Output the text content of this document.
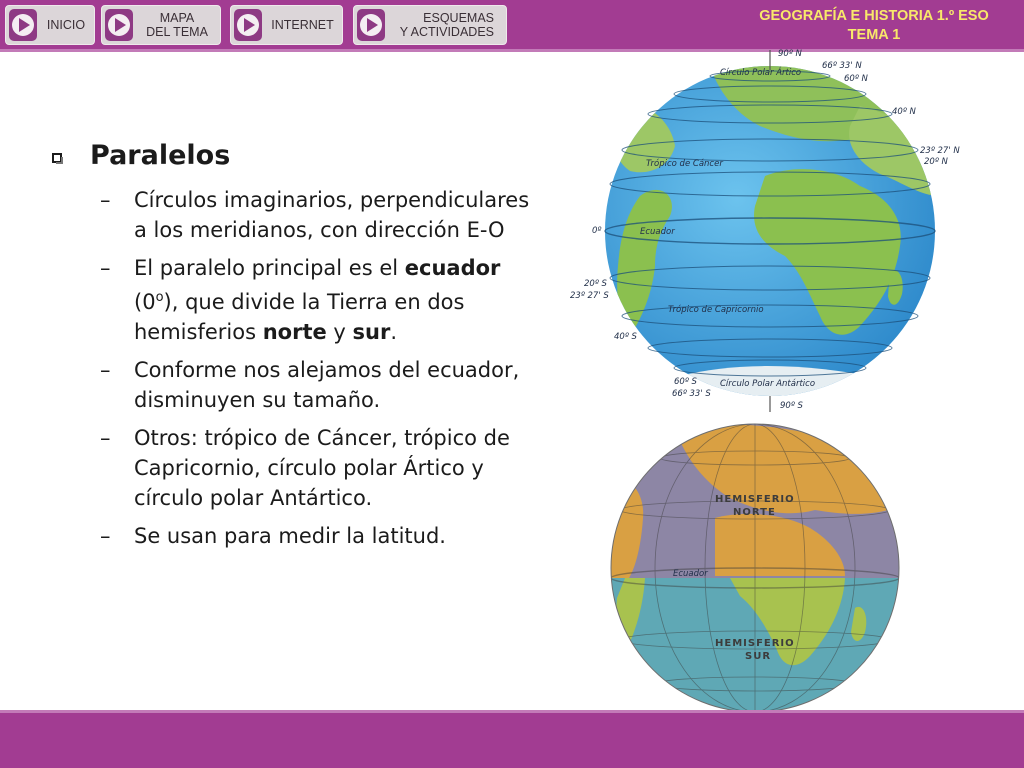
INICIO	MAPA
DEL TEMA	INTERNET	ESQUEMAS
Y ACTIVIDADES
GEOGRAFÍA E HISTORIA 1.º ESO
TEMA 1
Paralelos
– Círculos imaginarios, perpendiculares a los meridianos, con dirección E-O
– El paralelo principal es el ecuador (0$^o$), que divide la Tierra en dos hemisferios norte y sur.
– Conforme nos alejamos del ecuador, disminuyen su tamaño.
– Otros: trópico de Cáncer, trópico de Capricornio, círculo polar Ártico y círculo polar Antártico.
– Se usan para medir la latitud.
90º N
Círculo Polar Ártico
66º 33' N
60º N
40º N
23º 27' N
20º N
Trópico de Cáncer
Ecuador
0º
20º S
23º 27' S
Trópico de Capricornio
40º S
60º S
66º 33' S
Círculo Polar Antártico
90º S
HEMISFERIO
NORTE
Ecuador
HEMISFERIO
SUR
